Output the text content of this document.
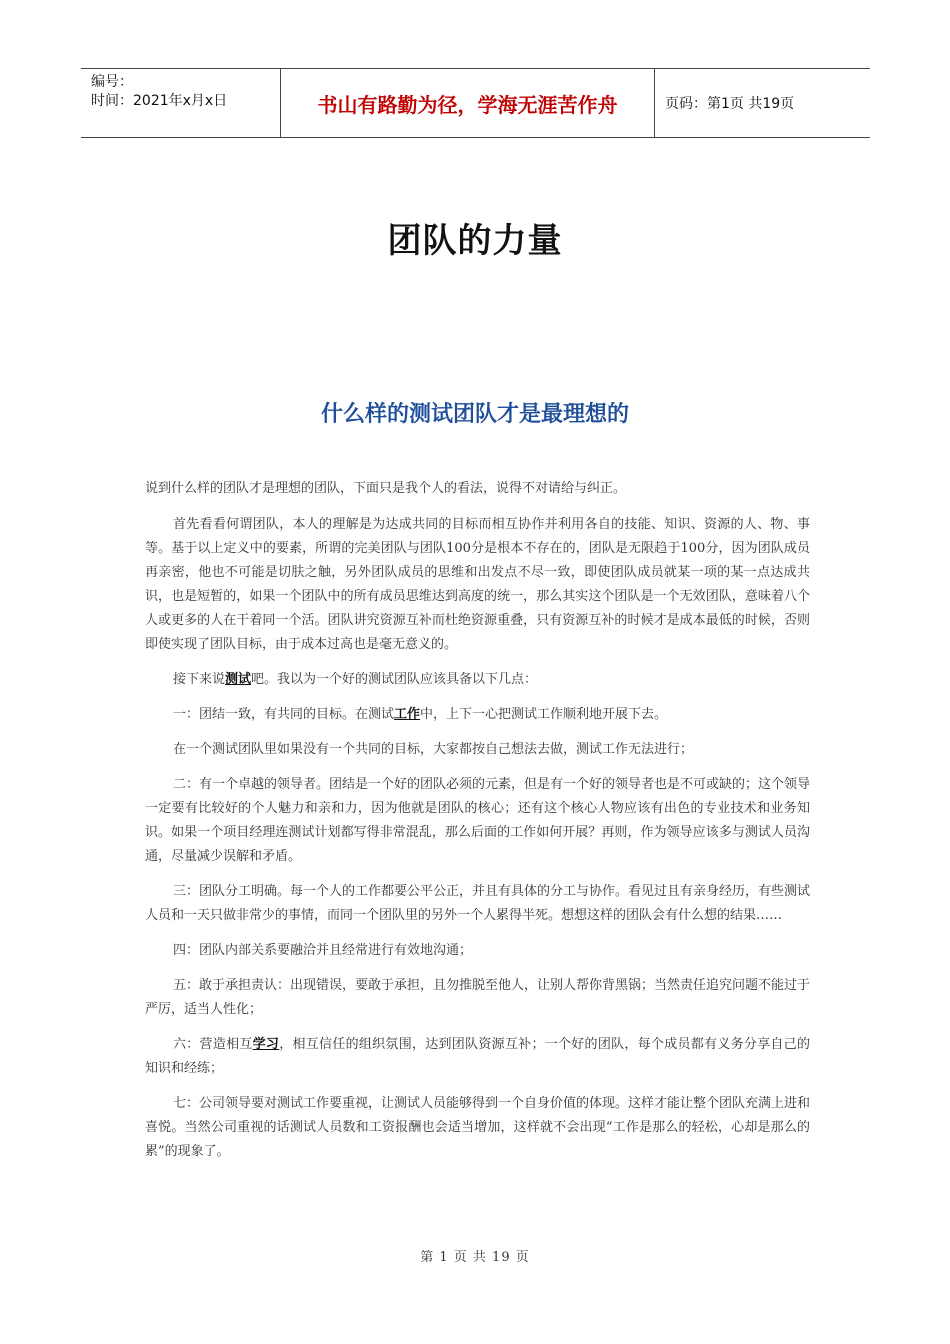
编号：
时间：2021年x月x日	书山有路勤为径，学海无涯苦作舟	页码：第1页 共19页
团队的力量
什么样的测试团队才是最理想的

说到什么样的团队才是理想的团队，下面只是我个人的看法，说得不对请给与纠正。

首先看看何谓团队，本人的理解是为达成共同的目标而相互协作并利用各自的技能、知识、资源的人、物、事等。基于以上定义中的要素，所谓的完美团队与团队100分是根本不存在的，团队是无限趋于100分，因为团队成员再亲密，他也不可能是切肤之触，另外团队成员的思维和出发点不尽一致，即使团队成员就某一项的某一点达成共识，也是短暂的，如果一个团队中的所有成员思维达到高度的统一，那么其实这个团队是一个无效团队，意味着八个人或更多的人在干着同一个活。团队讲究资源互补而杜绝资源重叠，只有资源互补的时候才是成本最低的时候，否则即使实现了团队目标，由于成本过高也是毫无意义的。

接下来说测试吧。我以为一个好的测试团队应该具备以下几点：

一：团结一致，有共同的目标。在测试工作中，上下一心把测试工作顺利地开展下去。

在一个测试团队里如果没有一个共同的目标，大家都按自己想法去做，测试工作无法进行；

二：有一个卓越的领导者。团结是一个好的团队必须的元素，但是有一个好的领导者也是不可或缺的；这个领导一定要有比较好的个人魅力和亲和力，因为他就是团队的核心；还有这个核心人物应该有出色的专业技术和业务知识。如果一个项目经理连测试计划都写得非常混乱，那么后面的工作如何开展？再则，作为领导应该多与测试人员沟通，尽量减少误解和矛盾。

三：团队分工明确。每一个人的工作都要公平公正，并且有具体的分工与协作。看见过且有亲身经历，有些测试人员和一天只做非常少的事情，而同一个团队里的另外一个人累得半死。想想这样的团队会有什么想的结果……

四：团队内部关系要融洽并且经常进行有效地沟通；

五：敢于承担责认：出现错误，要敢于承担，且勿推脱至他人，让别人帮你背黑锅；当然责任追究问题不能过于严厉，适当人性化；

六：营造相互学习，相互信任的组织氛围，达到团队资源互补；一个好的团队，每个成员都有义务分享自己的知识和经练；

七：公司领导要对测试工作要重视，让测试人员能够得到一个自身价值的体现。这样才能让整个团队充满上进和喜悦。当然公司重视的话测试人员数和工资报酬也会适当增加，这样就不会出现“工作是那么的轻松，心却是那么的累”的现象了。

第 1 页 共 19 页
